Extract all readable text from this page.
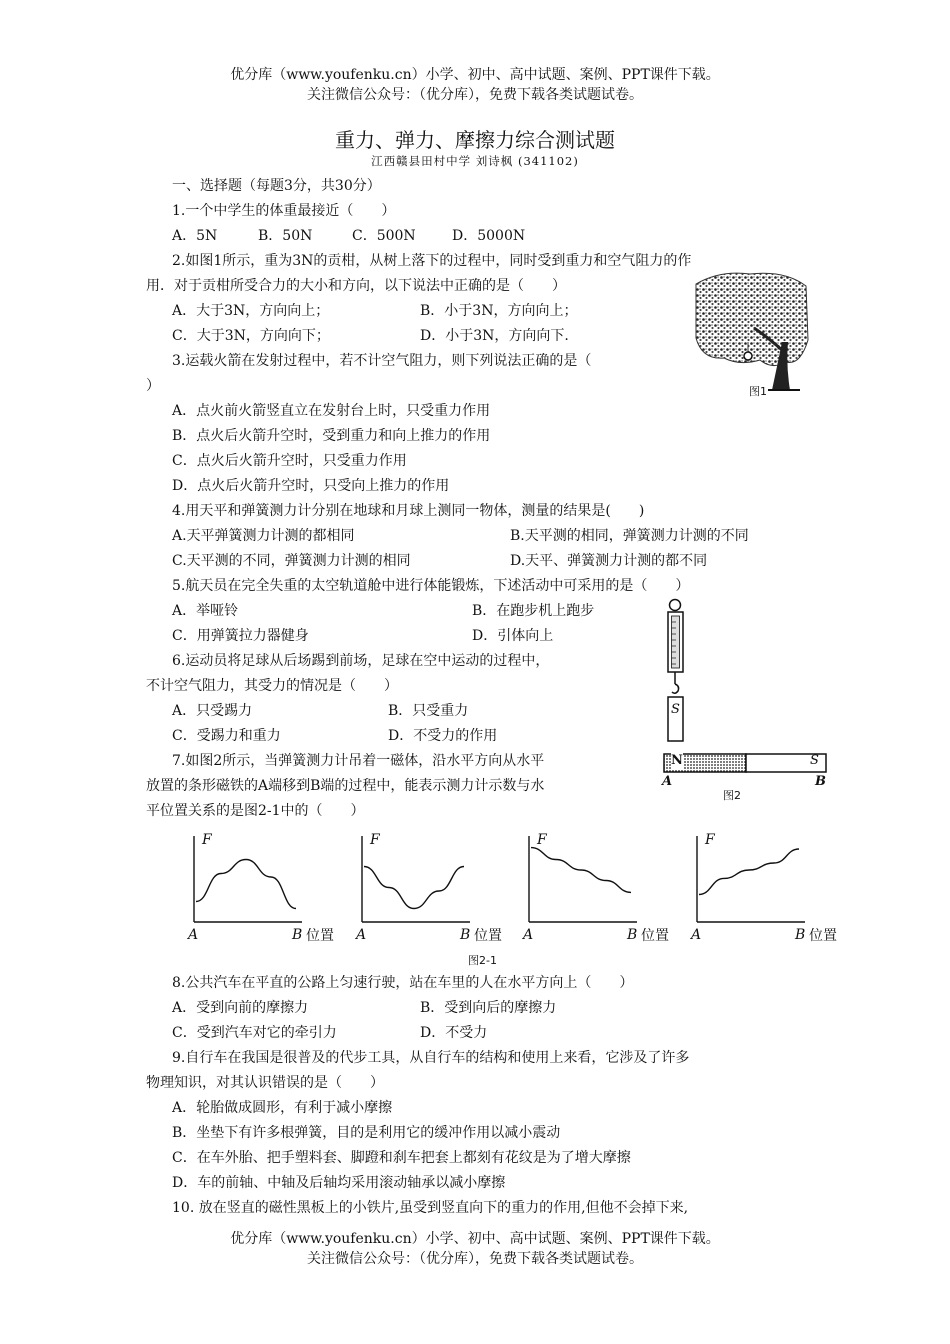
优分库（www.youfenku.cn）小学、初中、高中试题、案例、PPT课件下载。
关注微信公众号：（优分库），免费下载各类试题试卷。
重力、弹力、摩擦力综合测试题
江西赣县田村中学 刘诗枫 (341102)
一、选择题（每题3分，共30分）
1.一个中学生的体重最接近（　　）
A．5N	B．50N	C．500N	D．5000N
2.如图1所示，重为3N的贡柑，从树上落下的过程中，同时受到重力和空气阻力的作
用．对于贡柑所受合力的大小和方向，以下说法中正确的是（　　）
A．大于3N，方向向上；	B．小于3N，方向向上；
C．大于3N，方向向下；	D．小于3N，方向向下.
图1
3.运载火箭在发射过程中，若不计空气阻力，则下列说法正确的是（
）
A．点火前火箭竖直立在发射台上时，只受重力作用
B．点火后火箭升空时，受到重力和向上推力的作用
C．点火后火箭升空时，只受重力作用
D．点火后火箭升空时，只受向上推力的作用
4.用天平和弹簧测力计分别在地球和月球上测同一物体，测量的结果是(　　)
A.天平弹簧测力计测的都相同	B.天平测的相同，弹簧测力计测的不同
C.天平测的不同，弹簧测力计测的相同	D.天平、弹簧测力计测的都不同
5.航天员在完全失重的太空轨道舱中进行体能锻炼，下述活动中可采用的是（　　）
A．举哑铃	B．在跑步机上跑步
C．用弹簧拉力器健身	D．引体向上
S
6.运动员将足球从后场踢到前场，足球在空中运动的过程中，
不计空气阻力，其受力的情况是（　　）
A．只受踢力	B．只受重力
C．受踢力和重力	D．不受力的作用
N	S
A	B
图2
7.如图2所示，当弹簧测力计吊着一磁体，沿水平方向从水平
放置的条形磁铁的A端移到B端的过程中，能表示测力计示数与水
平位置关系的是图2-1中的（　　）
F
A	B 位置
F
A	B 位置
F
A	B 位置
F
A	B 位置
图2-1
8.公共汽车在平直的公路上匀速行驶，站在车里的人在水平方向上（　　）
A．受到向前的摩擦力	B．受到向后的摩擦力
C．受到汽车对它的牵引力	D．不受力
9.自行车在我国是很普及的代步工具，从自行车的结构和使用上来看，它涉及了许多
物理知识，对其认识错误的是（　　）
A．轮胎做成圆形，有利于减小摩擦
B．坐垫下有许多根弹簧，目的是利用它的缓冲作用以减小震动
C．在车外胎、把手塑料套、脚蹬和刹车把套上都刻有花纹是为了增大摩擦
D．车的前轴、中轴及后轴均采用滚动轴承以减小摩擦
10. 放在竖直的磁性黑板上的小铁片,虽受到竖直向下的重力的作用,但他不会掉下来,
优分库（www.youfenku.cn）小学、初中、高中试题、案例、PPT课件下载。
关注微信公众号：（优分库），免费下载各类试题试卷。
